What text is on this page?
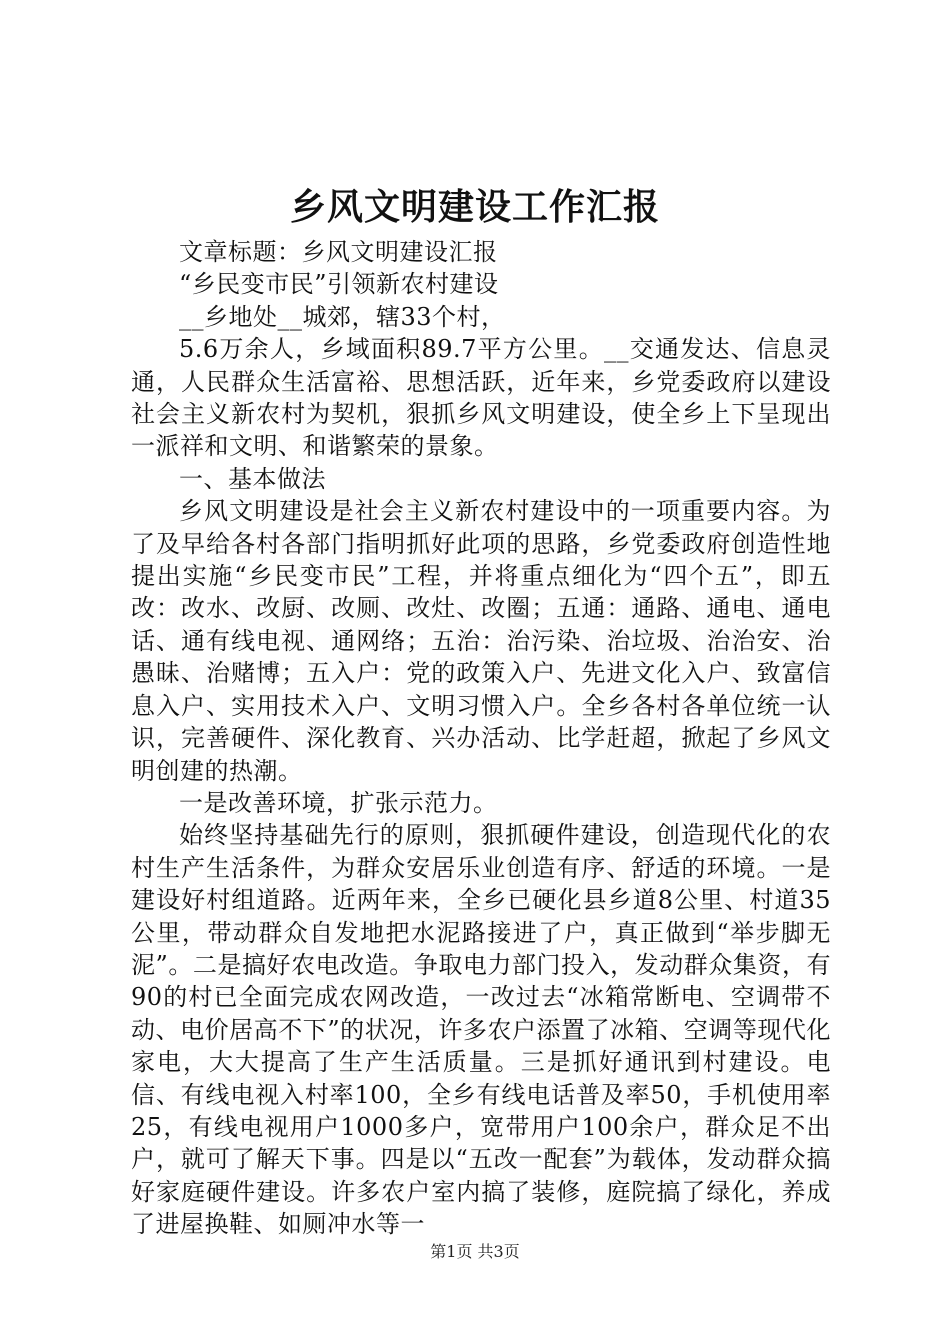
乡风文明建设工作汇报

文章标题：乡风文明建设汇报

“乡民变市民”引领新农村建设

__乡地处__城郊，辖33个村，

5.6万余人，乡域面积89.7平方公里。__交通发达、信息灵通，人民群众生活富裕、思想活跃，近年来，乡党委政府以建设社会主义新农村为契机，狠抓乡风文明建设，使全乡上下呈现出一派祥和文明、和谐繁荣的景象。

一、基本做法

乡风文明建设是社会主义新农村建设中的一项重要内容。为了及早给各村各部门指明抓好此项的思路，乡党委政府创造性地提出实施“乡民变市民”工程，并将重点细化为“四个五”，即五改：改水、改厨、改厕、改灶、改圈；五通：通路、通电、通电话、通有线电视、通网络；五治：治污染、治垃圾、治治安、治愚昧、治赌博；五入户：党的政策入户、先进文化入户、致富信息入户、实用技术入户、文明习惯入户。全乡各村各单位统一认识，完善硬件、深化教育、兴办活动、比学赶超，掀起了乡风文明创建的热潮。

一是改善环境，扩张示范力。

始终坚持基础先行的原则，狠抓硬件建设，创造现代化的农村生产生活条件，为群众安居乐业创造有序、舒适的环境。一是建设好村组道路。近两年来，全乡已硬化县乡道8公里、村道35公里，带动群众自发地把水泥路接进了户，真正做到“举步脚无泥”。二是搞好农电改造。争取电力部门投入，发动群众集资，有90的村已全面完成农网改造，一改过去“冰箱常断电、空调带不动、电价居高不下”的状况，许多农户添置了冰箱、空调等现代化家电，大大提高了生产生活质量。三是抓好通讯到村建设。电信、有线电视入村率100，全乡有线电话普及率50，手机使用率25，有线电视用户1000多户，宽带用户100余户，群众足不出户，就可了解天下事。四是以“五改一配套”为载体，发动群众搞好家庭硬件建设。许多农户室内搞了装修，庭院搞了绿化，养成了进屋换鞋、如厕冲水等一

第1页 共3页
